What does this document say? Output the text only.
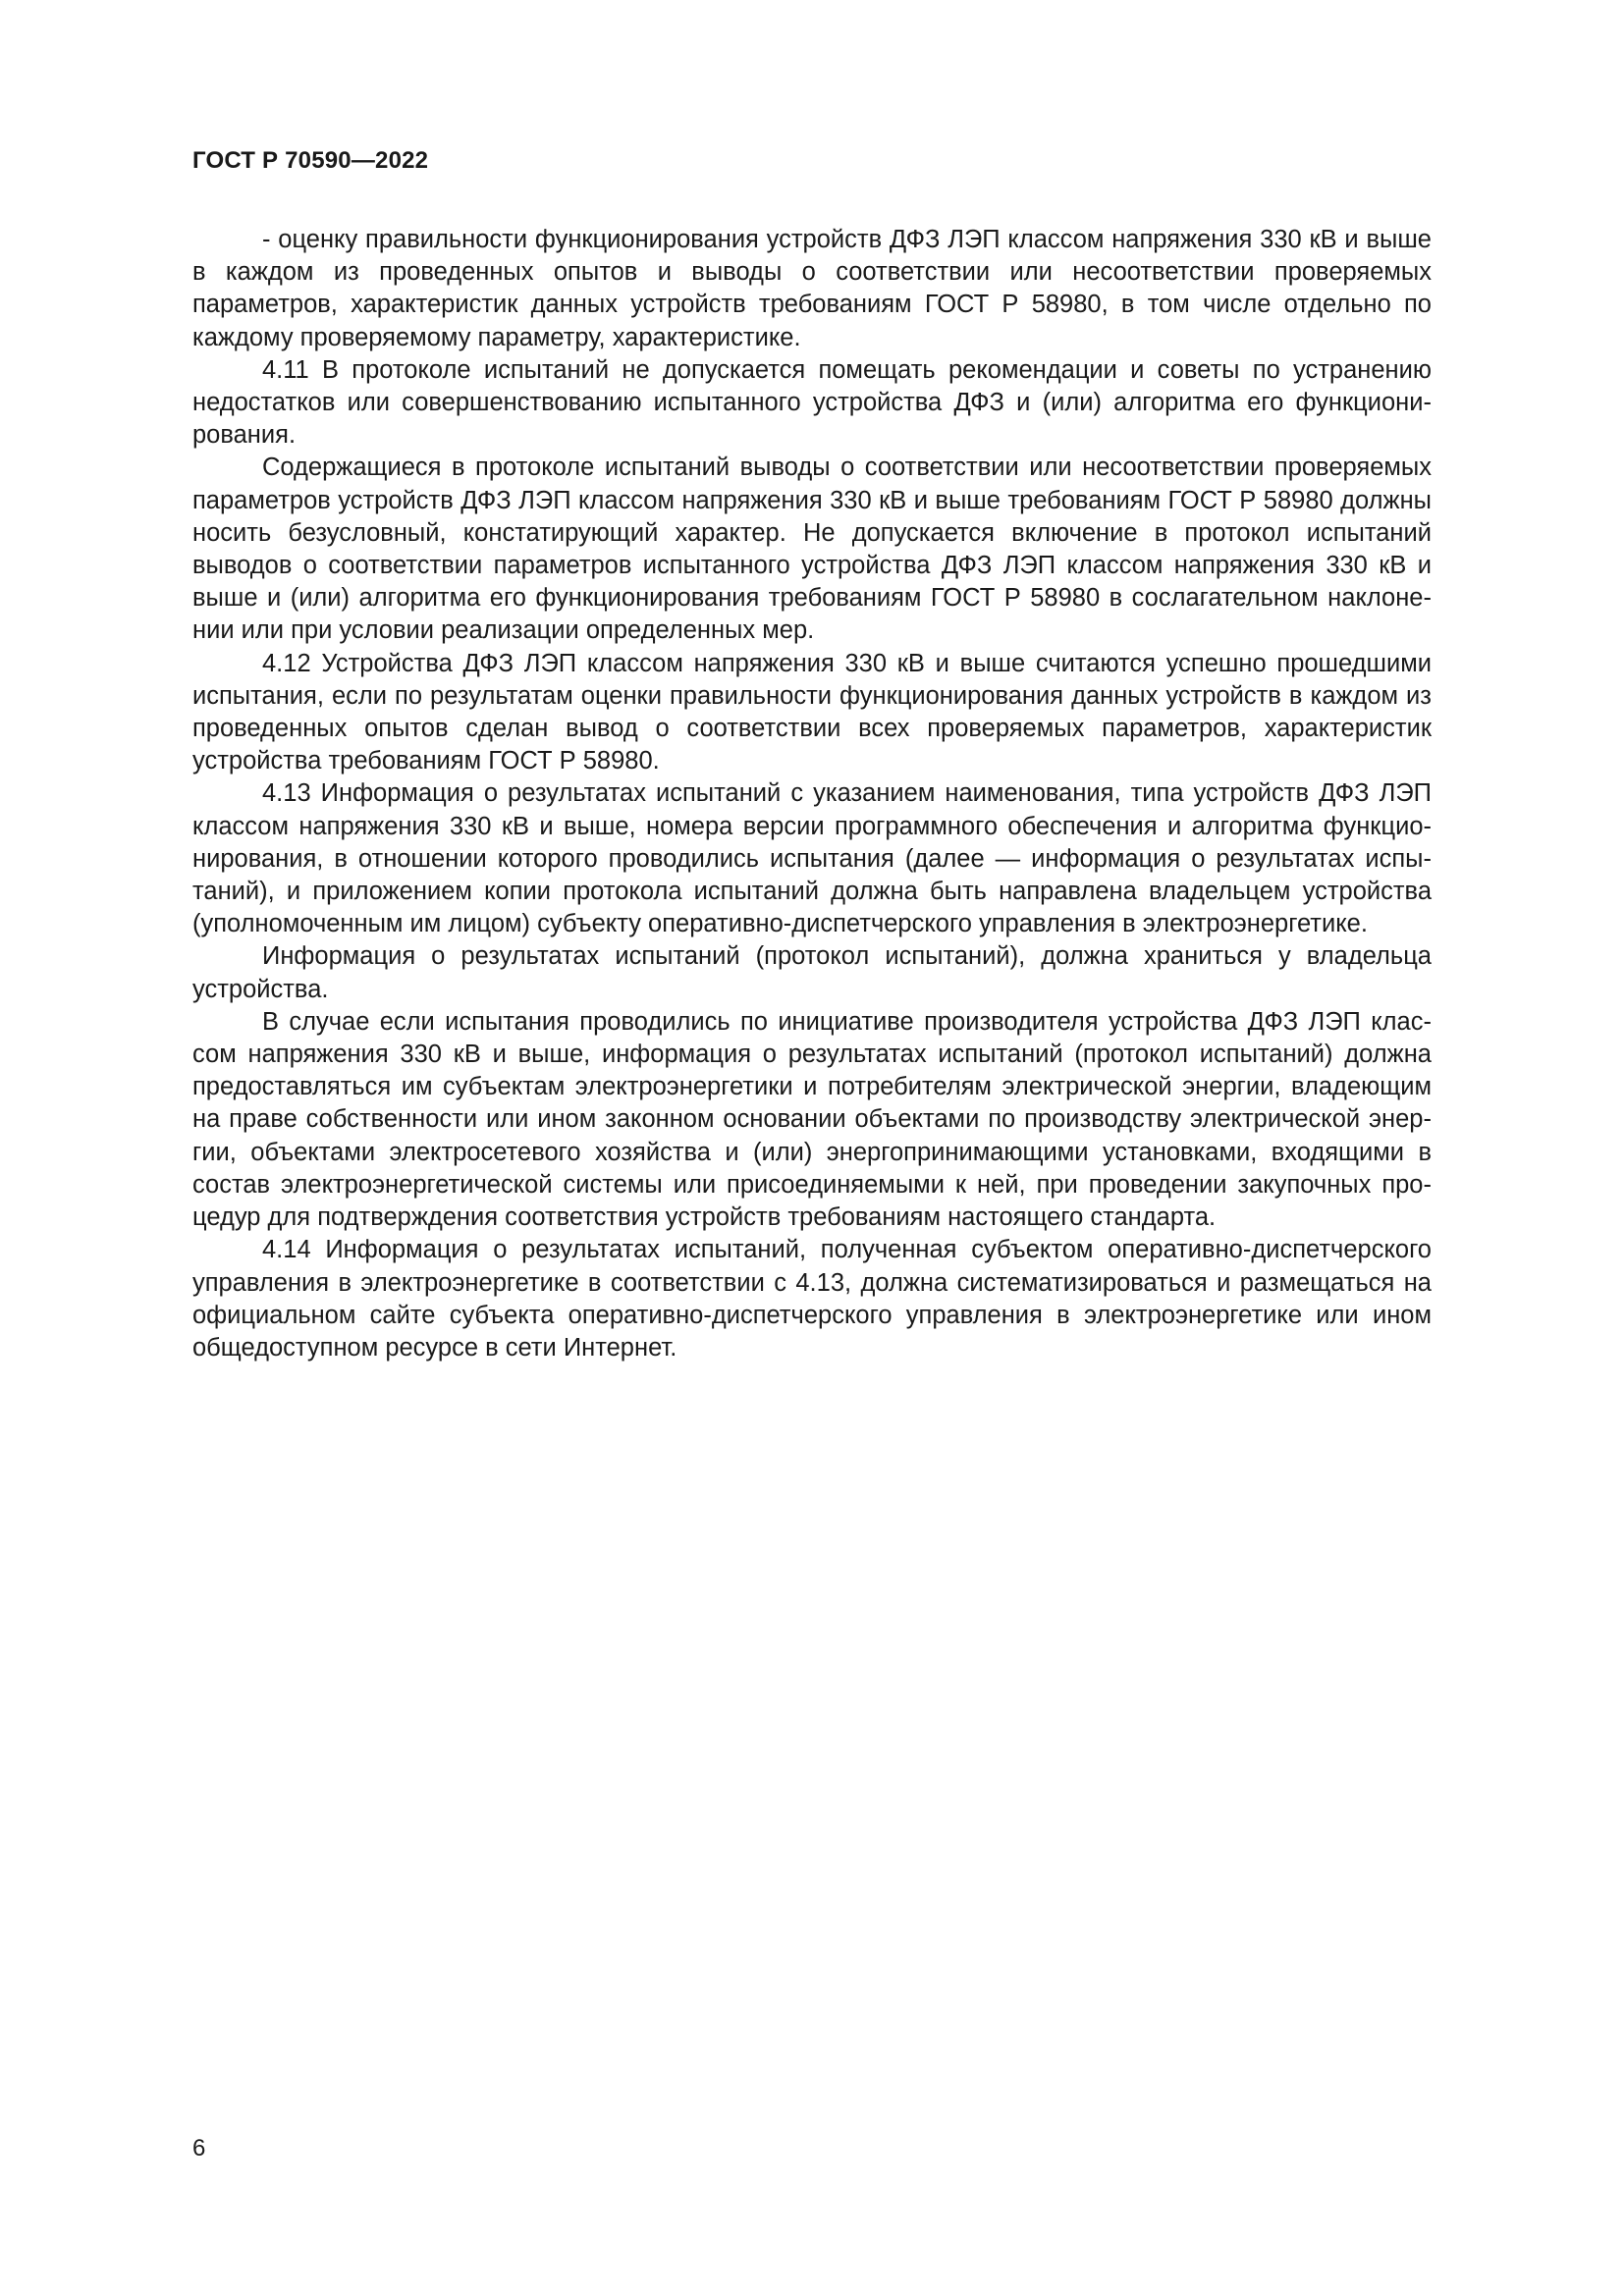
ГОСТ Р 70590—2022

- оценку правильности функционирования устройств ДФЗ ЛЭП классом напряжения 330 кВ и выше в каждом из проведенных опытов и выводы о соответствии или несоответствии проверяемых параметров, характеристик данных устройств требованиям ГОСТ Р 58980, в том числе отдельно по каждому проверяемому параметру, характеристике.

4.11 В протоколе испытаний не допускается помещать рекомендации и советы по устранению недостатков или совершенствованию испытанного устройства ДФЗ и (или) алгоритма его функционирования.

Содержащиеся в протоколе испытаний выводы о соответствии или несоответствии проверяемых параметров устройств ДФЗ ЛЭП классом напряжения 330 кВ и выше требованиям ГОСТ Р 58980 должны носить безусловный, констатирующий характер. Не допускается включение в протокол испытаний выводов о соответствии параметров испытанного устройства ДФЗ ЛЭП классом напряжения 330 кВ и выше и (или) алгоритма его функционирования требованиям ГОСТ Р 58980 в сослагательном наклонении или при условии реализации определенных мер.

4.12 Устройства ДФЗ ЛЭП классом напряжения 330 кВ и выше считаются успешно прошедшими испытания, если по результатам оценки правильности функционирования данных устройств в каждом из проведенных опытов сделан вывод о соответствии всех проверяемых параметров, характеристик устройства требованиям ГОСТ Р 58980.

4.13 Информация о результатах испытаний с указанием наименования, типа устройств ДФЗ ЛЭП классом напряжения 330 кВ и выше, номера версии программного обеспечения и алгоритма функционирования, в отношении которого проводились испытания (далее — информация о результатах испытаний), и приложением копии протокола испытаний должна быть направлена владельцем устройства (уполномоченным им лицом) субъекту оперативно-диспетчерского управления в электроэнергетике.

Информация о результатах испытаний (протокол испытаний), должна храниться у владельца устройства.

В случае если испытания проводились по инициативе производителя устройства ДФЗ ЛЭП классом напряжения 330 кВ и выше, информация о результатах испытаний (протокол испытаний) должна предоставляться им субъектам электроэнергетики и потребителям электрической энергии, владеющим на праве собственности или ином законном основании объектами по производству электрической энергии, объектами электросетевого хозяйства и (или) энергопринимающими установками, входящими в состав электроэнергетической системы или присоединяемыми к ней, при проведении закупочных процедур для подтверждения соответствия устройств требованиям настоящего стандарта.

4.14 Информация о результатах испытаний, полученная субъектом оперативно-диспетчерского управления в электроэнергетике в соответствии с 4.13, должна систематизироваться и размещаться на официальном сайте субъекта оперативно-диспетчерского управления в электроэнергетике или ином общедоступном ресурсе в сети Интернет.

6
